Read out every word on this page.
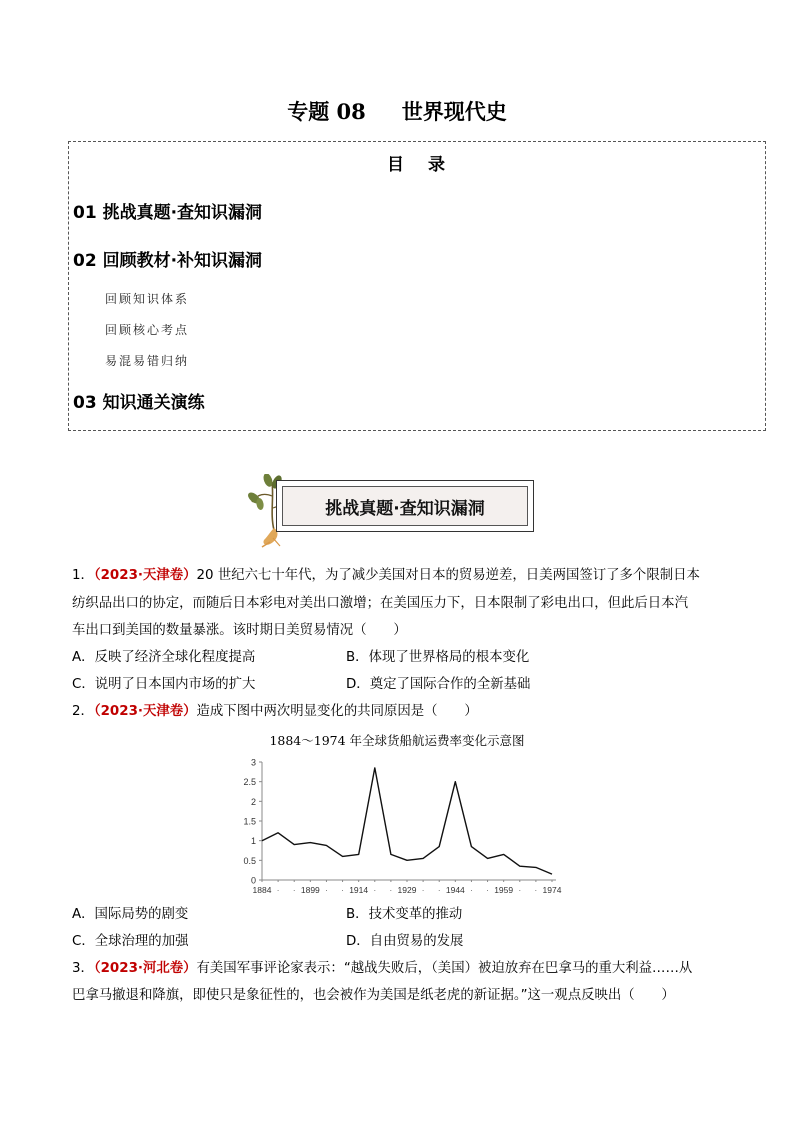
专题 08 世界现代史
目 录
01 挑战真题·查知识漏洞
02 回顾教材·补知识漏洞
回顾知识体系
回顾核心考点
易混易错归纳
03 知识通关演练
挑战真题·查知识漏洞
1．（2023·天津卷）20 世纪六七十年代，为了减少美国对日本的贸易逆差，日美两国签订了多个限制日本
纺织品出口的协定，而随后日本彩电对美出口激增；在美国压力下，日本限制了彩电出口，但此后日本汽
车出口到美国的数量暴涨。该时期日美贸易情况（　　）
A．反映了经济全球化程度提高	B．体现了世界格局的根本变化
C．说明了日本国内市场的扩大	D．奠定了国际合作的全新基础
2．（2023·天津卷）造成下图中两次明显变化的共同原因是（　　）
1884～1974 年全球货船航运费率变化示意图
0
0.5
1
1.5
2
2.5
3
· ·	· ·	· ·	· ·	· ·	· ·
1884	1899	1914	1929	1944	1959	1974
A．国际局势的剧变	B．技术变革的推动
C．全球治理的加强	D．自由贸易的发展
3．（2023·河北卷）有美国军事评论家表示：“越战失败后，（美国）被迫放弃在巴拿马的重大利益……从
巴拿马撤退和降旗，即使只是象征性的，也会被作为美国是纸老虎的新证据。”这一观点反映出（　　）
